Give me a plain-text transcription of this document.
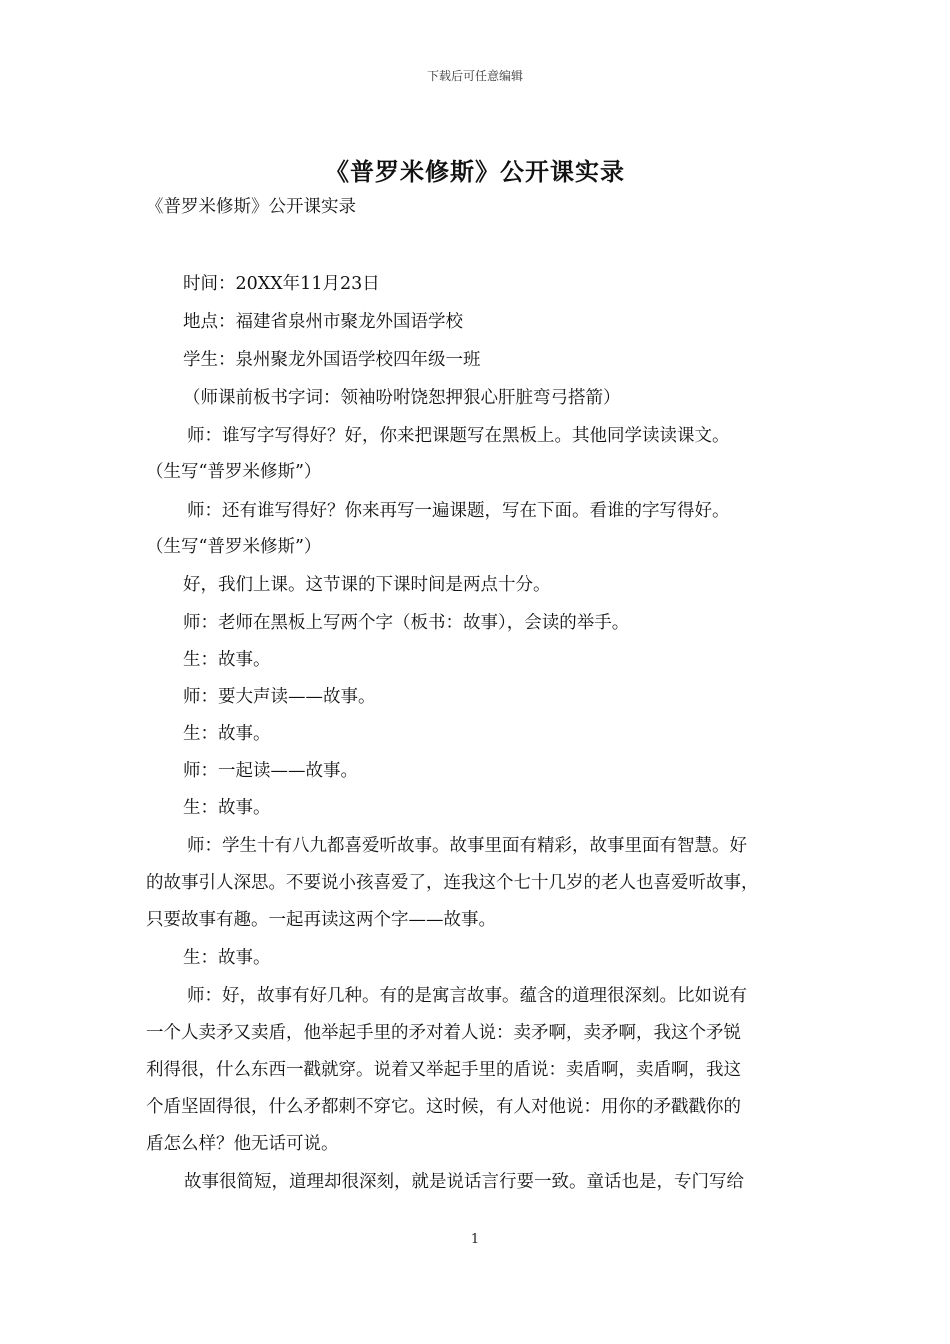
下载后可任意编辑
《普罗米修斯》公开课实录
《普罗米修斯》公开课实录
时间：20XX年11月23日
地点：福建省泉州市聚龙外国语学校
学生：泉州聚龙外国语学校四年级一班
（师课前板书字词：领袖吩咐饶恕押狠心肝脏弯弓搭箭）
师：谁写字写得好？好，你来把课题写在黑板上。其他同学读读课文。
（生写“普罗米修斯”）
师：还有谁写得好？你来再写一遍课题，写在下面。看谁的字写得好。
（生写“普罗米修斯”）
好，我们上课。这节课的下课时间是两点十分。
师：老师在黑板上写两个字（板书：故事），会读的举手。
生：故事。
师：要大声读——故事。
生：故事。
师：一起读——故事。
生：故事。
师：学生十有八九都喜爱听故事。故事里面有精彩，故事里面有智慧。好
的故事引人深思。不要说小孩喜爱了，连我这个七十几岁的老人也喜爱听故事，
只要故事有趣。一起再读这两个字——故事。
生：故事。
师：好，故事有好几种。有的是寓言故事。蕴含的道理很深刻。比如说有
一个人卖矛又卖盾，他举起手里的矛对着人说：卖矛啊，卖矛啊，我这个矛锐
利得很，什么东西一戳就穿。说着又举起手里的盾说：卖盾啊，卖盾啊，我这
个盾坚固得很，什么矛都刺不穿它。这时候，有人对他说：用你的矛戳戳你的
盾怎么样？他无话可说。
故事很简短，道理却很深刻，就是说话言行要一致。童话也是，专门写给
1
